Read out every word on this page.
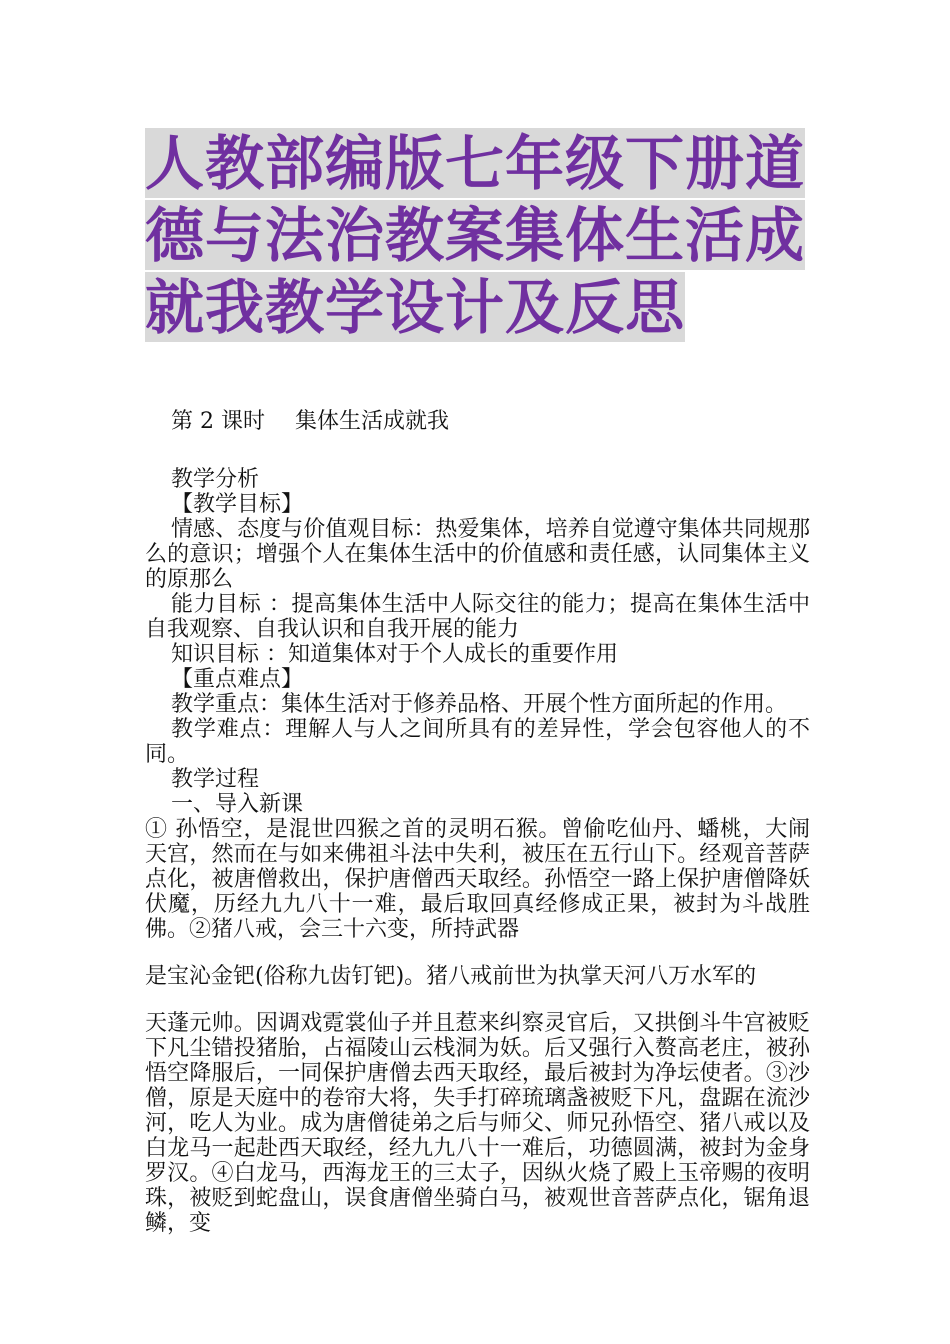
人教部编版七年级下册道
德与法治教案集体生活成
就我教学设计及反思

第 2 课时 集体生活成就我

教学分析

【教学目标】

情感、态度与价值观目标：热爱集体，培养自觉遵守集体共同规那么的意识；增强个人在集体生活中的价值感和责任感，认同集体主义的原那么

能力目标 ：提高集体生活中人际交往的能力；提高在集体生活中自我观察、自我认识和自我开展的能力

知识目标 ：知道集体对于个人成长的重要作用

【重点难点】

教学重点：集体生活对于修养品格、开展个性方面所起的作用。

教学难点：理解人与人之间所具有的差异性，学会包容他人的不同。

教学过程

一、导入新课

① 孙悟空，是混世四猴之首的灵明石猴。曾偷吃仙丹、蟠桃，大闹天宫，然而在与如来佛祖斗法中失利，被压在五行山下。经观音菩萨点化，被唐僧救出，保护唐僧西天取经。孙悟空一路上保护唐僧降妖伏魔，历经九九八十一难，最后取回真经修成正果，被封为斗战胜佛。②猪八戒，会三十六变，所持武器

是宝沁金钯(俗称九齿钉钯)。猪八戒前世为执掌天河八万水军的

天蓬元帅。因调戏霓裳仙子并且惹来纠察灵官后，又拱倒斗牛宫被贬下凡尘错投猪胎，占福陵山云栈洞为妖。后又强行入赘高老庄，被孙悟空降服后，一同保护唐僧去西天取经，最后被封为净坛使者。③沙僧，原是天庭中的卷帘大将，失手打碎琉璃盏被贬下凡，盘踞在流沙河，吃人为业。成为唐僧徒弟之后与师父、师兄孙悟空、猪八戒以及白龙马一起赴西天取经，经九九八十一难后，功德圆满，被封为金身罗汉。④白龙马，西海龙王的三太子，因纵火烧了殿上玉帝赐的夜明珠，被贬到蛇盘山，误食唐僧坐骑白马，被观世音菩萨点化，锯角退鳞，变
